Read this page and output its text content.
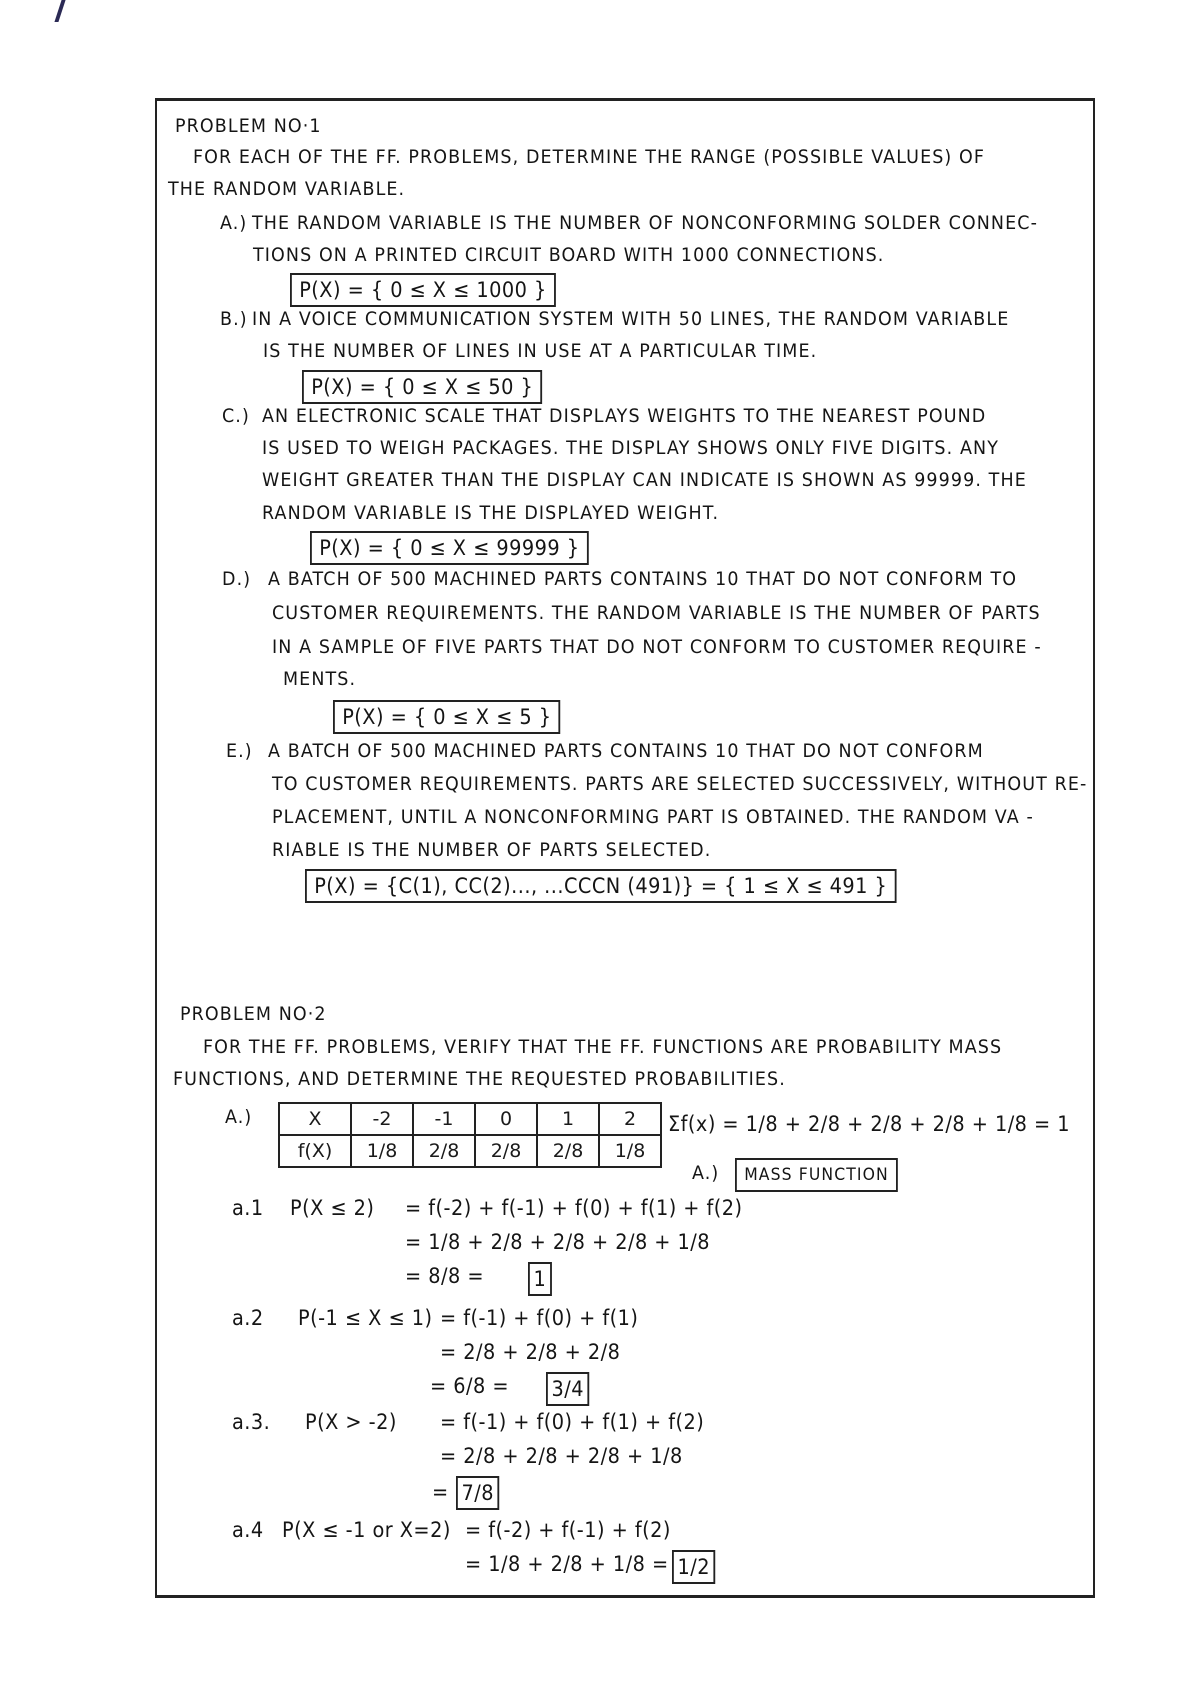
PROBLEM NO·1
FOR EACH OF THE FF. PROBLEMS, DETERMINE THE RANGE (POSSIBLE VALUES) OF
THE RANDOM VARIABLE.
A.) THE RANDOM VARIABLE IS THE NUMBER OF NONCONFORMING SOLDER CONNEC-
TIONS ON A PRINTED CIRCUIT BOARD WITH 1000 CONNECTIONS.
P(X) = { 0 ≤ X ≤ 1000 }
B.) IN A VOICE COMMUNICATION SYSTEM WITH 50 LINES, THE RANDOM VARIABLE
IS THE NUMBER OF LINES IN USE AT A PARTICULAR TIME.
P(X) = { 0 ≤ X ≤ 50 }
C.) AN ELECTRONIC SCALE THAT DISPLAYS WEIGHTS TO THE NEAREST POUND
IS USED TO WEIGH PACKAGES. THE DISPLAY SHOWS ONLY FIVE DIGITS. ANY
WEIGHT GREATER THAN THE DISPLAY CAN INDICATE IS SHOWN AS 99999. THE
RANDOM VARIABLE IS THE DISPLAYED WEIGHT.
P(X) = { 0 ≤ X ≤ 99999 }
D.) A BATCH OF 500 MACHINED PARTS CONTAINS 10 THAT DO NOT CONFORM TO
CUSTOMER REQUIREMENTS. THE RANDOM VARIABLE IS THE NUMBER OF PARTS
IN A SAMPLE OF FIVE PARTS THAT DO NOT CONFORM TO CUSTOMER REQUIRE -
MENTS.
P(X) = { 0 ≤ X ≤ 5 }
E.) A BATCH OF 500 MACHINED PARTS CONTAINS 10 THAT DO NOT CONFORM
TO CUSTOMER REQUIREMENTS. PARTS ARE SELECTED SUCCESSIVELY, WITHOUT RE-
PLACEMENT, UNTIL A NONCONFORMING PART IS OBTAINED. THE RANDOM VA -
RIABLE IS THE NUMBER OF PARTS SELECTED.
P(X) = {C(1), CC(2)..., ...CCCN (491)} = { 1 ≤ X ≤ 491 }
PROBLEM NO·2
FOR THE FF. PROBLEMS, VERIFY THAT THE FF. FUNCTIONS ARE PROBABILITY MASS
FUNCTIONS, AND DETERMINE THE REQUESTED PROBABILITIES.
A.)	X	-2	-1	0	1	2
f(X)	1/8	2/8	2/8	2/8	1/8
Σf(x) = 1/8 + 2/8 + 2/8 + 2/8 + 1/8 = 1
A.)	MASS FUNCTION
a.1 P(X ≤ 2) = f(-2) + f(-1) + f(0) + f(1) + f(2)
= 1/8 + 2/8 + 2/8 + 2/8 + 1/8
= 8/8 = 1
a.2 P(-1 ≤ X ≤ 1) = f(-1) + f(0) + f(1)
= 2/8 + 2/8 + 2/8
= 6/8 = 3/4
a.3. P(X > -2) = f(-1) + f(0) + f(1) + f(2)
= 2/8 + 2/8 + 2/8 + 1/8
= 7/8
a.4 P(X ≤ -1 or X=2) = f(-2) + f(-1) + f(2)
= 1/8 + 2/8 + 1/8 = 1/2
